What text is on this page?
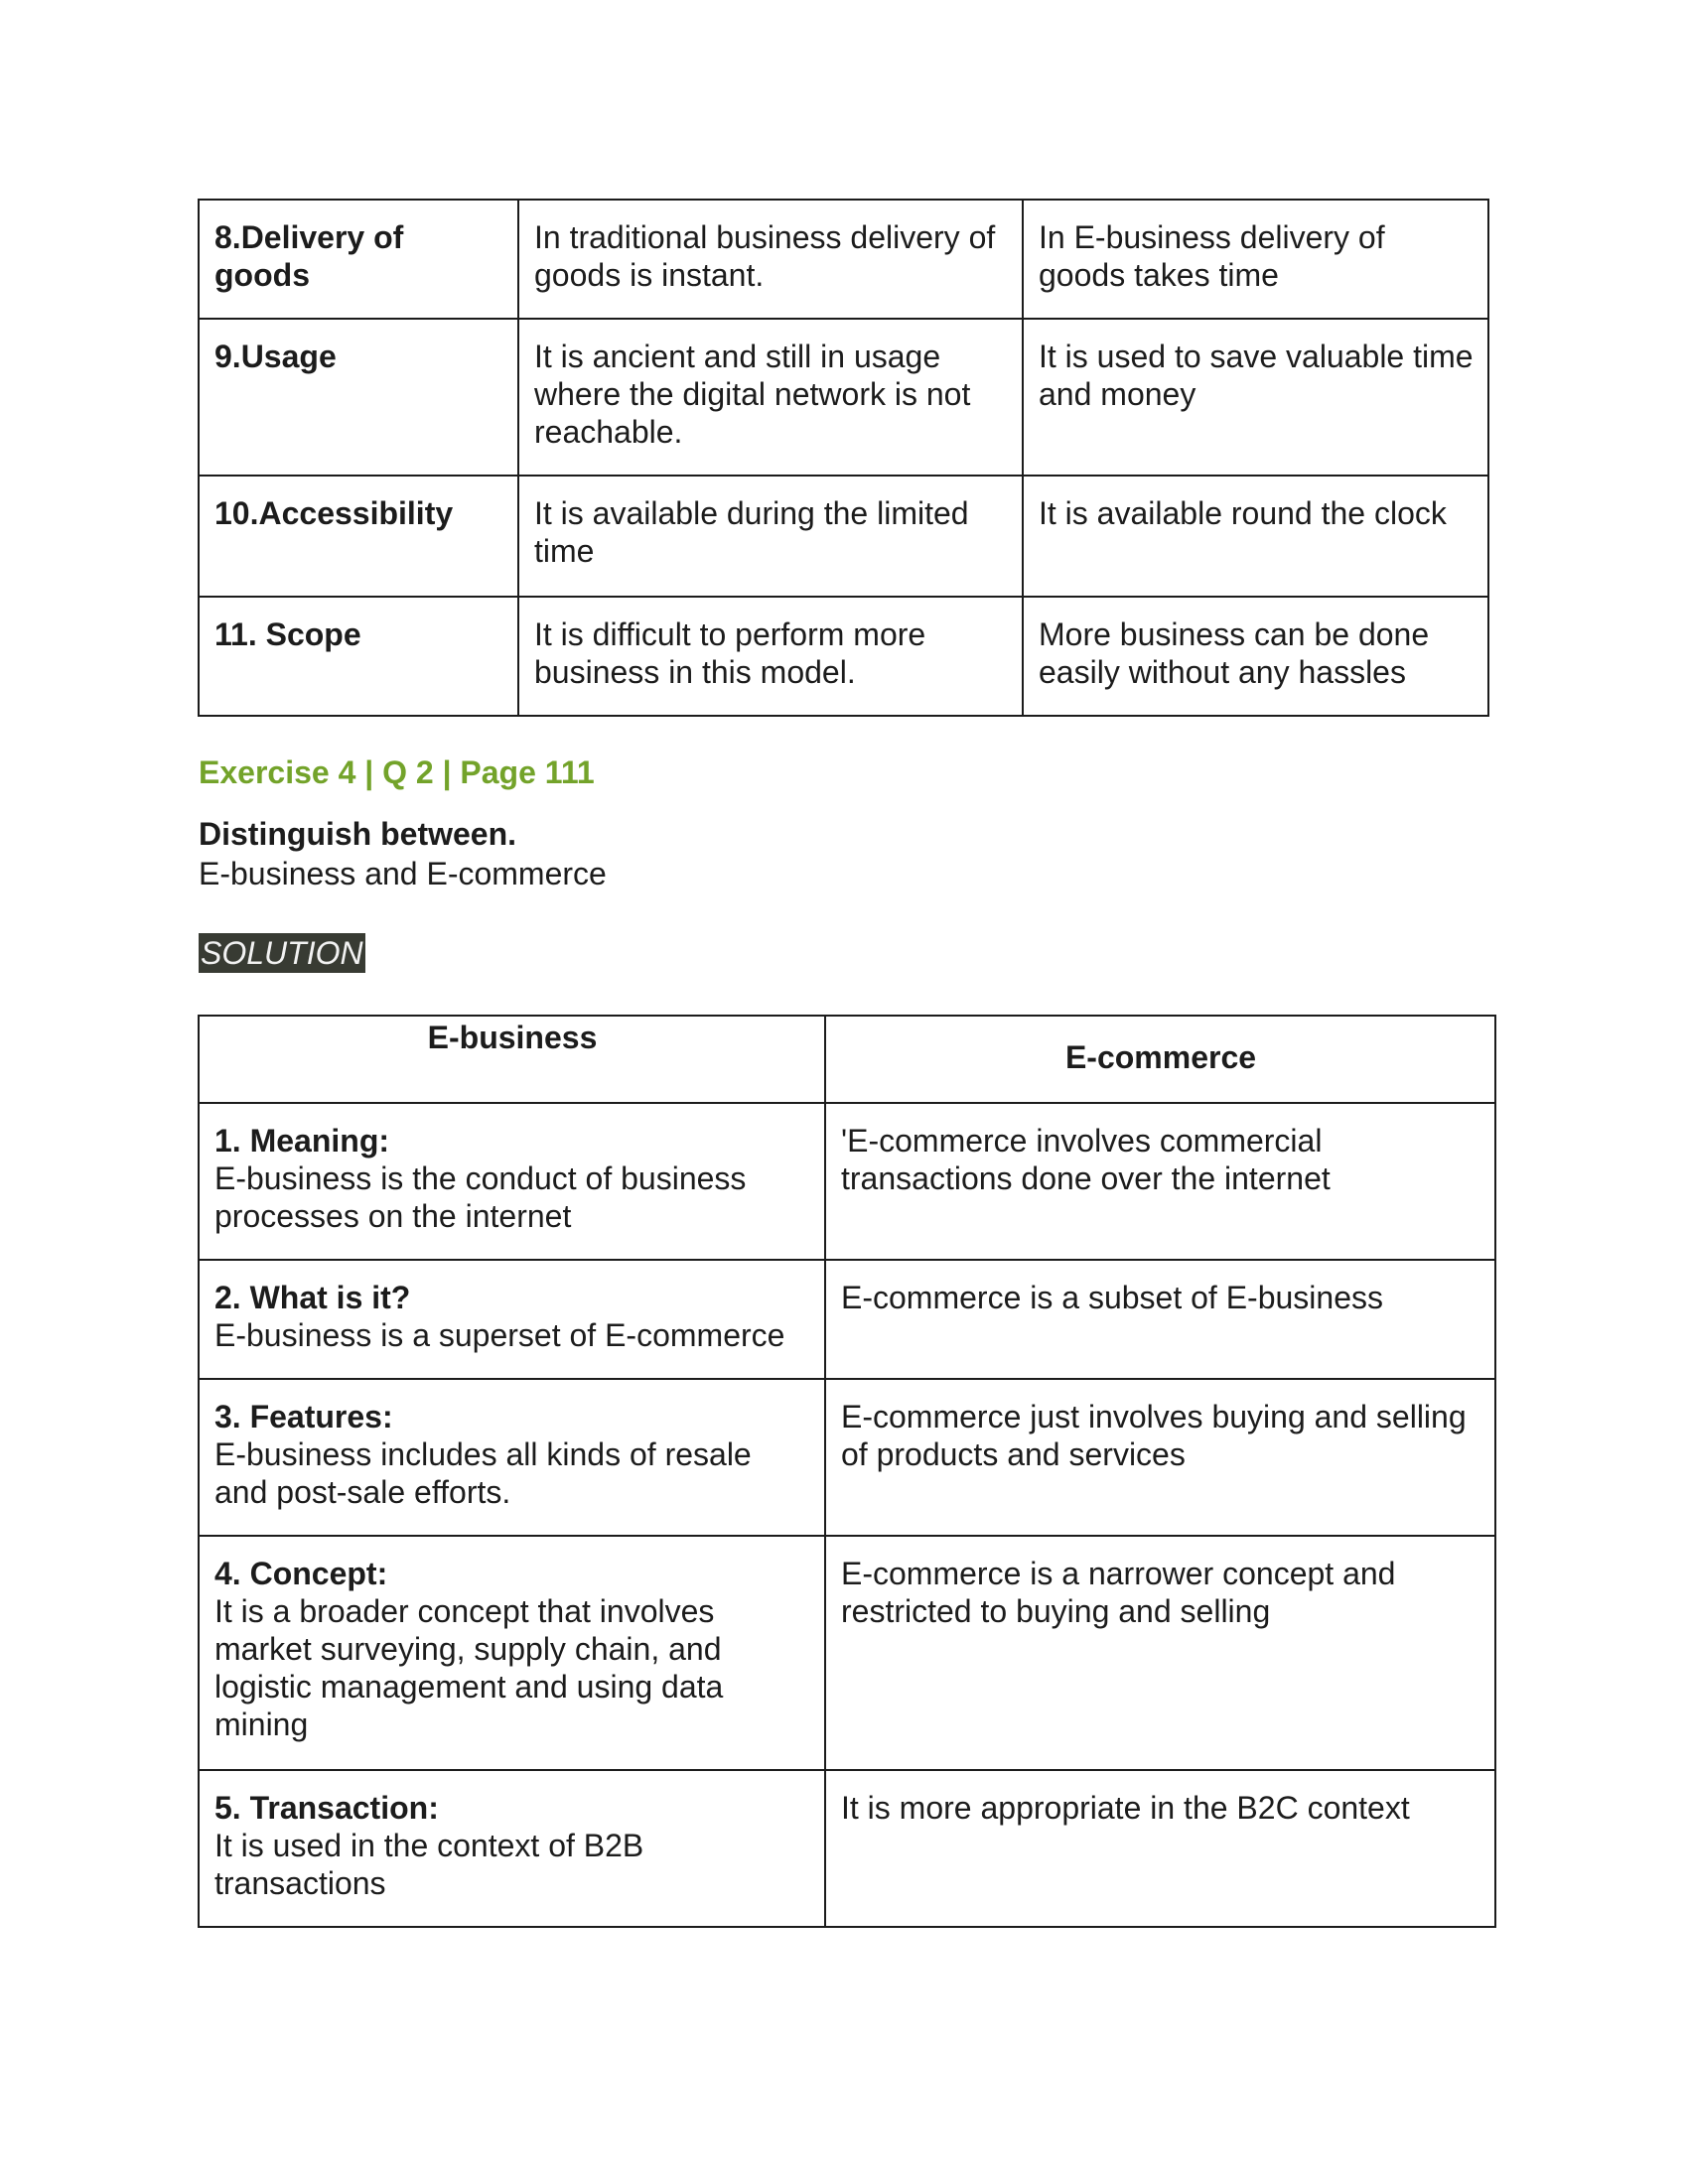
8.Delivery of goods	In traditional business delivery of goods is instant.	In E-business delivery of goods takes time
9.Usage	It is ancient and still in usage where the digital network is not reachable.	It is used to save valuable time and money
10.Accessibility	It is available during the limited time	It is available round the clock
11. Scope	It is difficult to perform more business in this model.	More business can be done easily without any hassles

Exercise 4 | Q 2 | Page 111

Distinguish between.

E-business and E-commerce

SOLUTION
E-business	E-commerce

1. Meaning:
E-business is the conduct of business processes on the internet	'E-commerce involves commercial transactions done over the internet

2. What is it?
E-business is a superset of E-commerce	E-commerce is a subset of E-business

3. Features:
E-business includes all kinds of resale and post-sale efforts.	E-commerce just involves buying and selling of products and services

4. Concept:
It is a broader concept that involves market surveying, supply chain, and logistic management and using data mining	E-commerce is a narrower concept and restricted to buying and selling

5. Transaction:
It is used in the context of B2B transactions	It is more appropriate in the B2C context
